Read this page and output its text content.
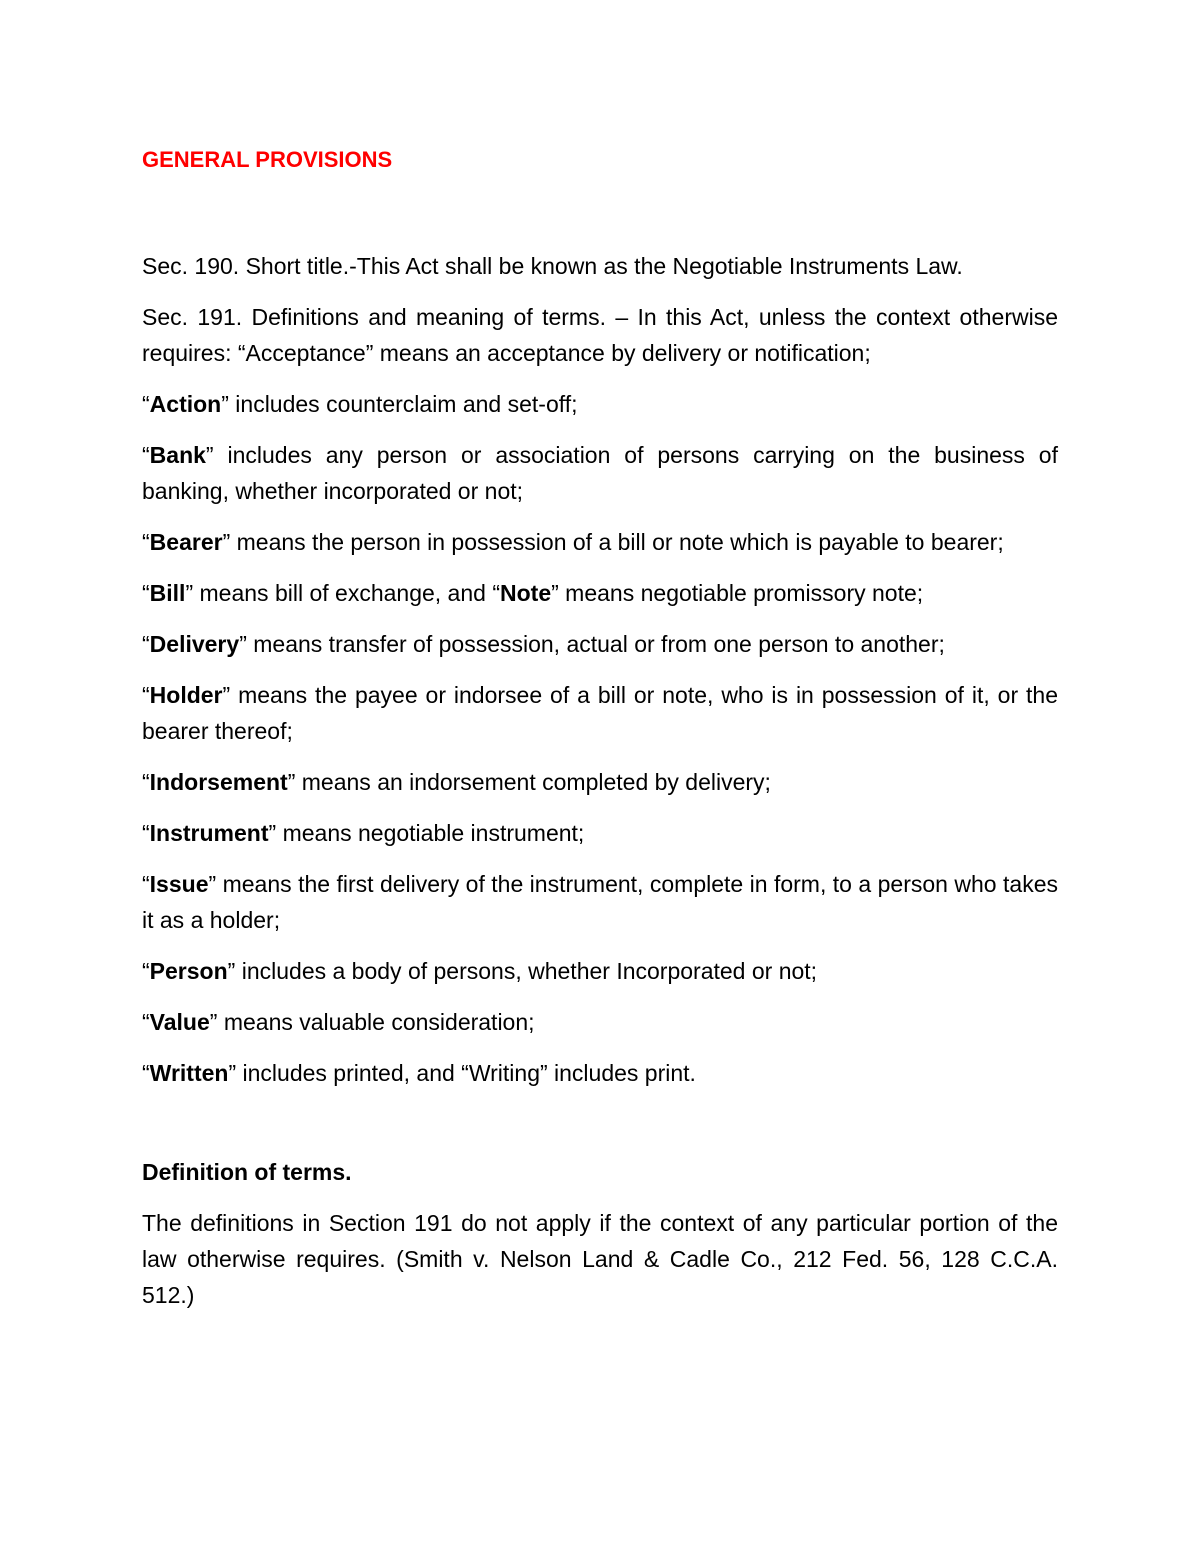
GENERAL PROVISIONS

Sec. 190. Short title.-This Act shall be known as the Negotiable Instruments Law.

Sec. 191. Definitions and meaning of terms. – In this Act, unless the context otherwise requires: “Acceptance” means an acceptance by delivery or notification;

“Action” includes counterclaim and set-off;

“Bank” includes any person or association of persons carrying on the business of banking, whether incorporated or not;

“Bearer” means the person in possession of a bill or note which is payable to bearer;

“Bill” means bill of exchange, and “Note” means negotiable promissory note;

“Delivery” means transfer of possession, actual or from one person to another;

“Holder” means the payee or indorsee of a bill or note, who is in possession of it, or the bearer thereof;

“Indorsement” means an indorsement completed by delivery;

“Instrument” means negotiable instrument;

“Issue” means the first delivery of the instrument, complete in form, to a person who takes it as a holder;

“Person” includes a body of persons, whether Incorporated or not;

“Value” means valuable consideration;

“Written” includes printed, and “Writing” includes print.

Definition of terms.

The definitions in Section 191 do not apply if the context of any particular portion of the law otherwise requires. (Smith v. Nelson Land & Cadle Co., 212 Fed. 56, 128 C.C.A. 512.)
